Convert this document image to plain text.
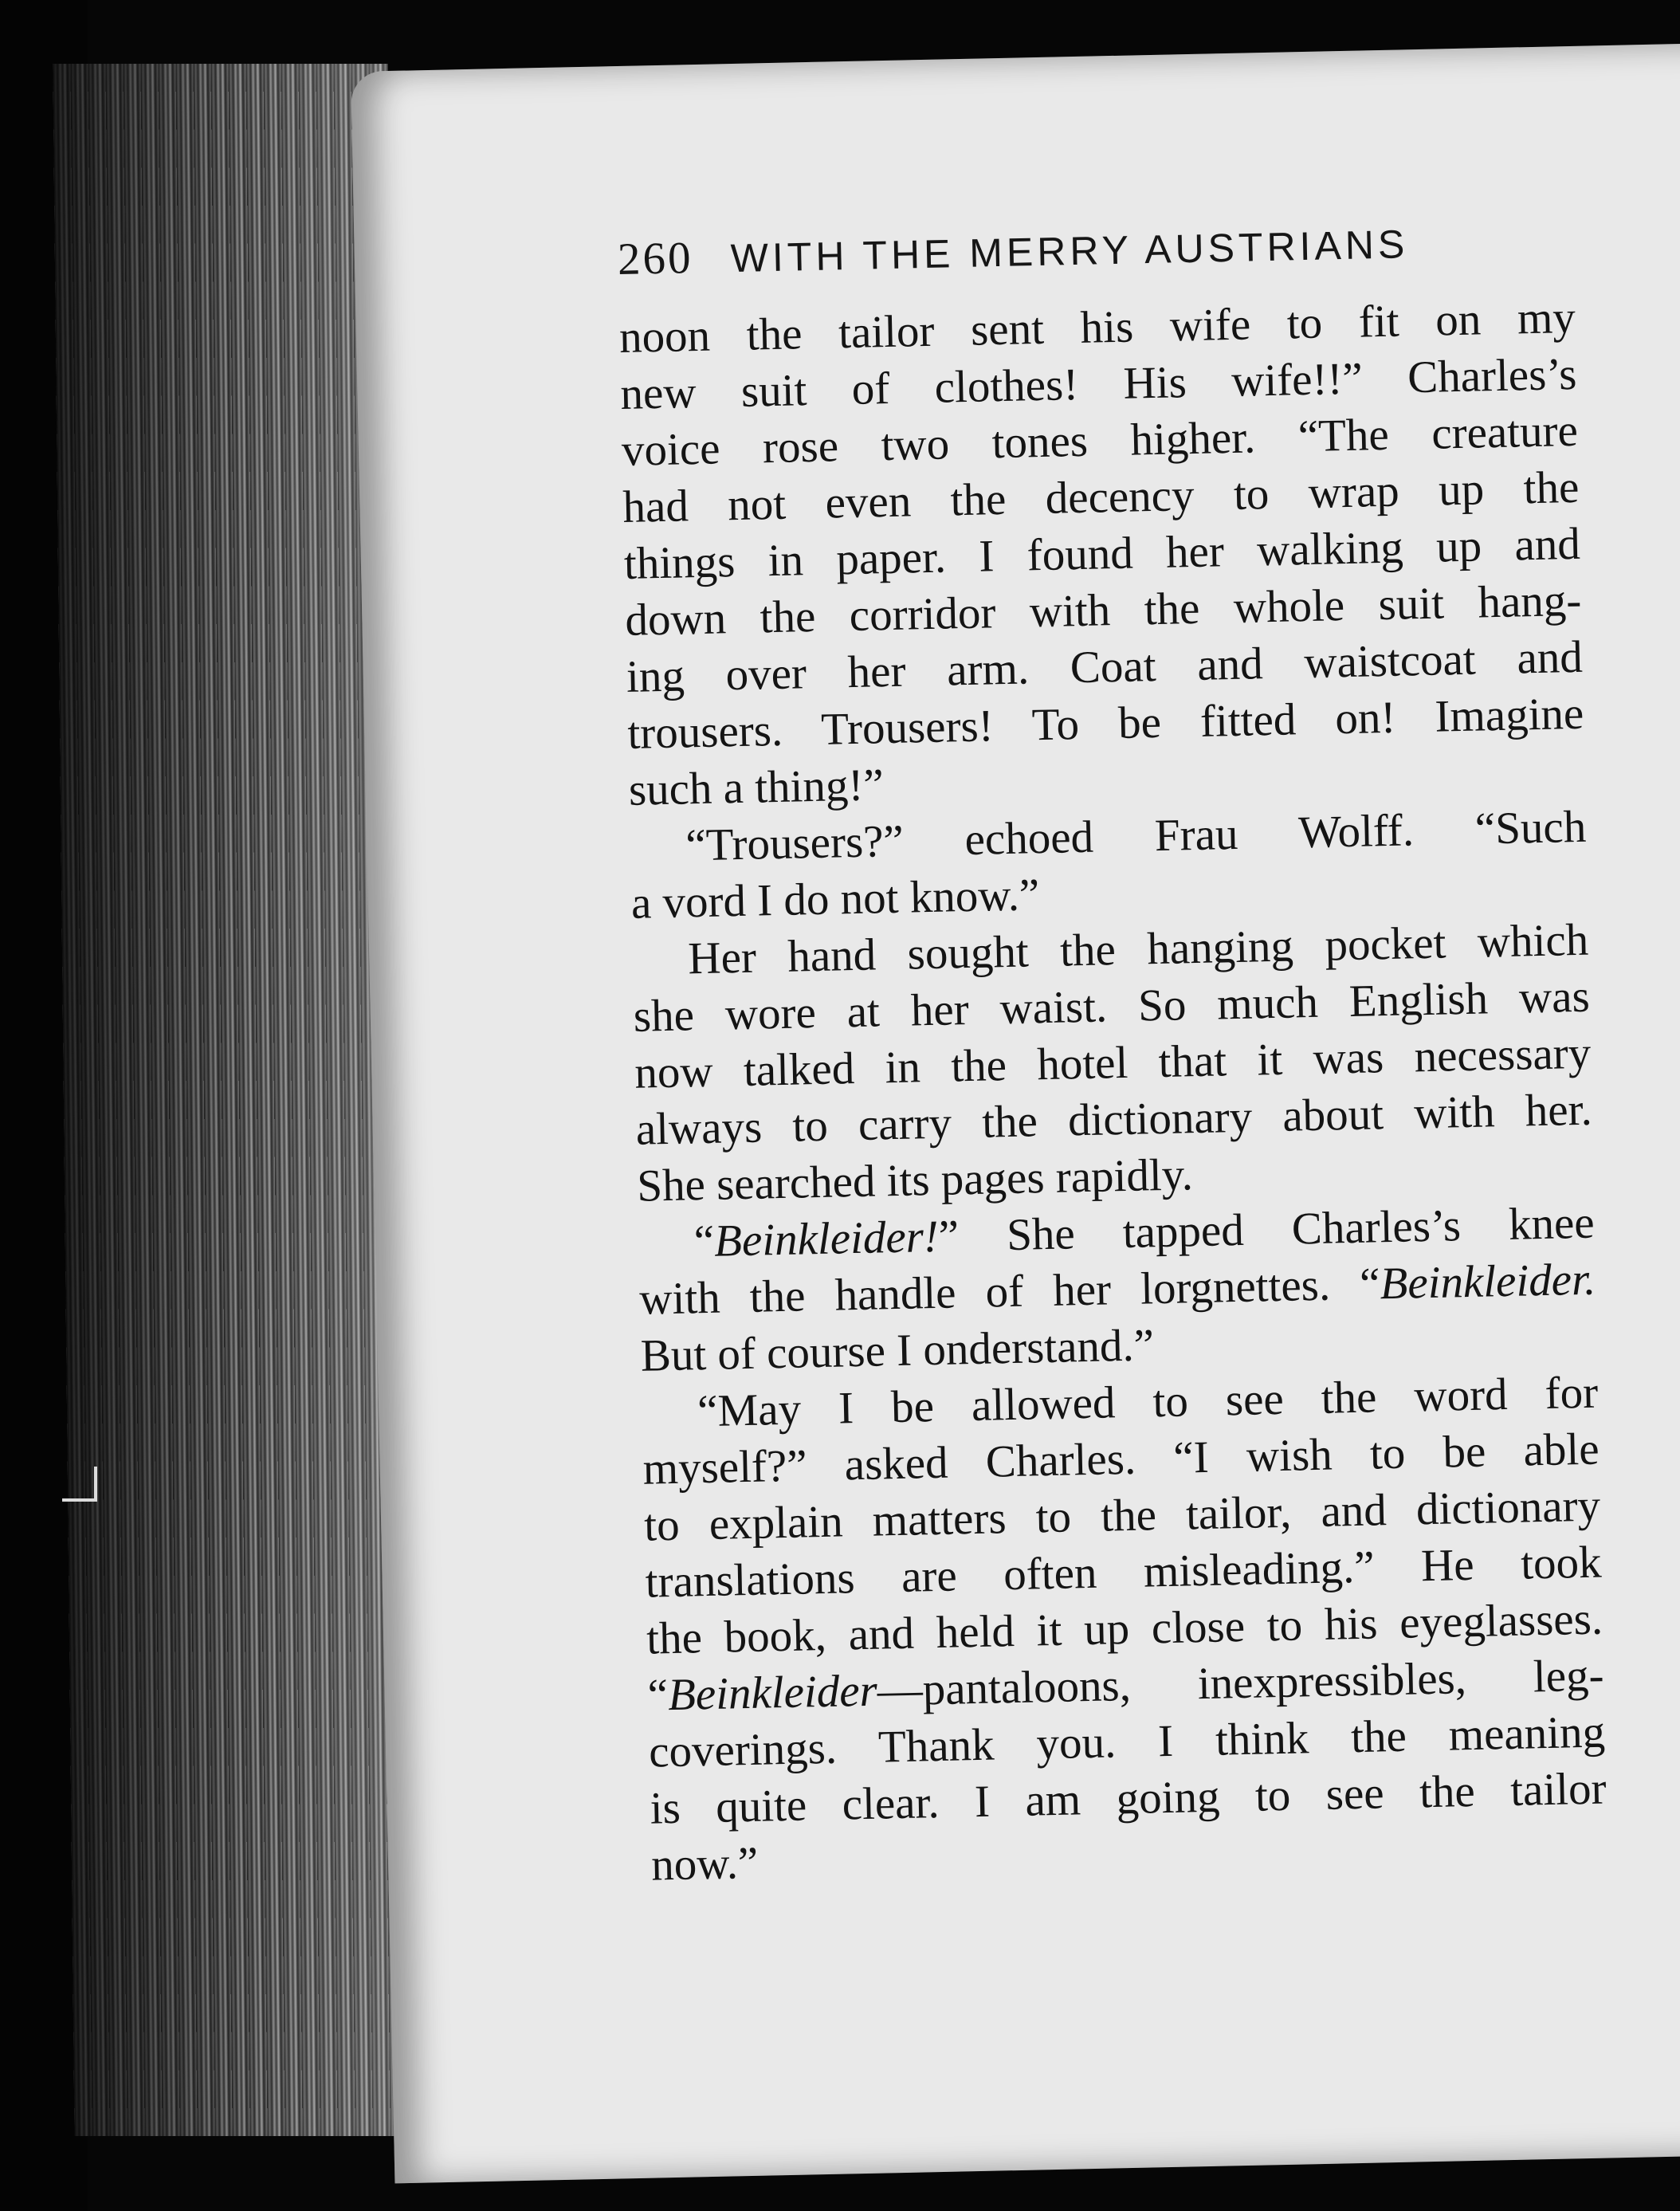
260 WITH THE MERRY AUSTRIANS
noon the tailor sent his wife to fit on my
new suit of clothes! His wife!!” Charles’s
voice rose two tones higher. “The creature
had not even the decency to wrap up the
things in paper. I found her walking up and
down the corridor with the whole suit hang-
ing over her arm. Coat and waistcoat and
trousers. Trousers! To be fitted on! Imagine
such a thing!”
“Trousers?” echoed Frau Wolff. “Such
a vord I do not know.”
Her hand sought the hanging pocket which
she wore at her waist. So much English was
now talked in the hotel that it was necessary
always to carry the dictionary about with her.
She searched its pages rapidly.
“Beinkleider!” She tapped Charles’s knee
with the handle of her lorgnettes. “Beinkleider.
But of course I onderstand.”
“May I be allowed to see the word for
myself?” asked Charles. “I wish to be able
to explain matters to the tailor, and dictionary
translations are often misleading.” He took
the book, and held it up close to his eyeglasses.
“Beinkleider—pantaloons, inexpressibles, leg-
coverings. Thank you. I think the meaning
is quite clear. I am going to see the tailor
now.”
